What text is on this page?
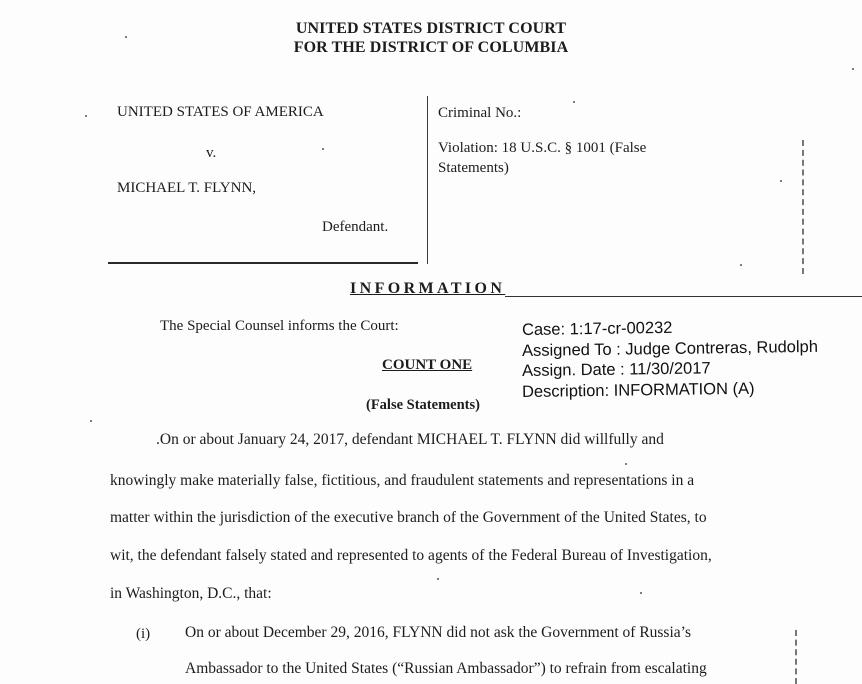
UNITED STATES DISTRICT COURT
FOR THE DISTRICT OF COLUMBIA
UNITED STATES OF AMERICA
v.
MICHAEL T. FLYNN,
Defendant.
Criminal No.:
Violation: 18 U.S.C. § 1001 (False
Statements)
INFORMATION
The Special Counsel informs the Court:
COUNT ONE
(False Statements)
Case: 1:17-cr-00232
Assigned To : Judge Contreras, Rudolph
Assign. Date : 11/30/2017
Description: INFORMATION (A)
.On or about January 24, 2017, defendant MICHAEL T. FLYNN did willfully and
knowingly make materially false, fictitious, and fraudulent statements and representations in a
matter within the jurisdiction of the executive branch of the Government of the United States, to
wit, the defendant falsely stated and represented to agents of the Federal Bureau of Investigation,
in Washington, D.C., that:
(i) On or about December 29, 2016, FLYNN did not ask the Government of Russia’s
Ambassador to the United States (“Russian Ambassador”) to refrain from escalating
